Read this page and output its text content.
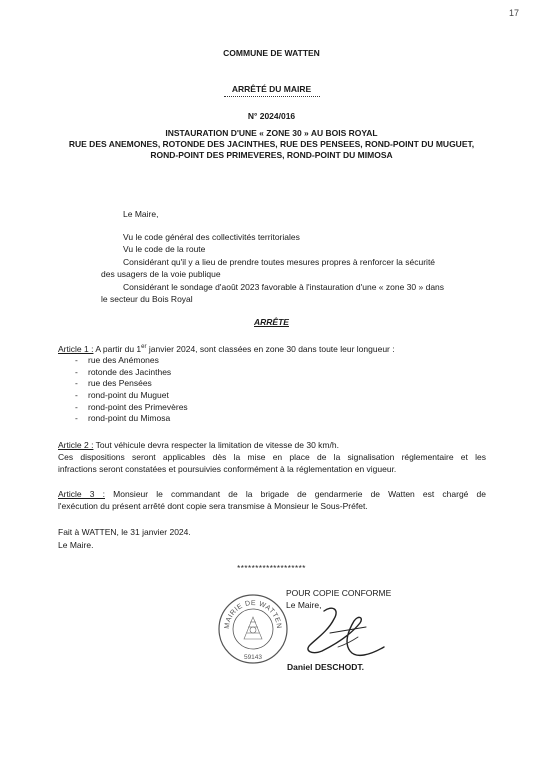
17
COMMUNE DE WATTEN
ARRÊTÉ DU MAIRE
N° 2024/016
INSTAURATION D'UNE « ZONE 30 » AU BOIS ROYAL
RUE DES ANEMONES, ROTONDE DES JACINTHES, RUE DES PENSEES, ROND-POINT DU MUGUET,
ROND-POINT DES PRIMEVERES, ROND-POINT DU MIMOSA
Le Maire,
Vu le code général des collectivités territoriales
Vu le code de la route
Considérant qu'il y a lieu de prendre toutes mesures propres à renforcer la sécurité
des usagers de la voie publique
Considérant le sondage d'août 2023 favorable à l'instauration d'une « zone 30 » dans
le secteur du Bois Royal
ARRÊTE
Article 1 : A partir du 1er janvier 2024, sont classées en zone 30 dans toute leur longueur :
- rue des Anémones
- rotonde des Jacinthes
- rue des Pensées
- rond-point du Muguet
- rond-point des Primevères
- rond-point du Mimosa
Article 2 : Tout véhicule devra respecter la limitation de vitesse de 30 km/h.
Ces dispositions seront applicables dès la mise en place de la signalisation réglementaire et les
infractions seront constatées et poursuivies conformément à la réglementation en vigueur.
Article 3 : Monsieur le commandant de la brigade de gendarmerie de Watten est chargé de
l'exécution du présent arrêté dont copie sera transmise à Monsieur le Sous-Préfet.
Fait à WATTEN, le 31 janvier 2024.
Le Maire.
*******************
POUR COPIE CONFORME
Le Maire,
MAIRIE DE WATTEN
59143
Daniel DESCHODT.
